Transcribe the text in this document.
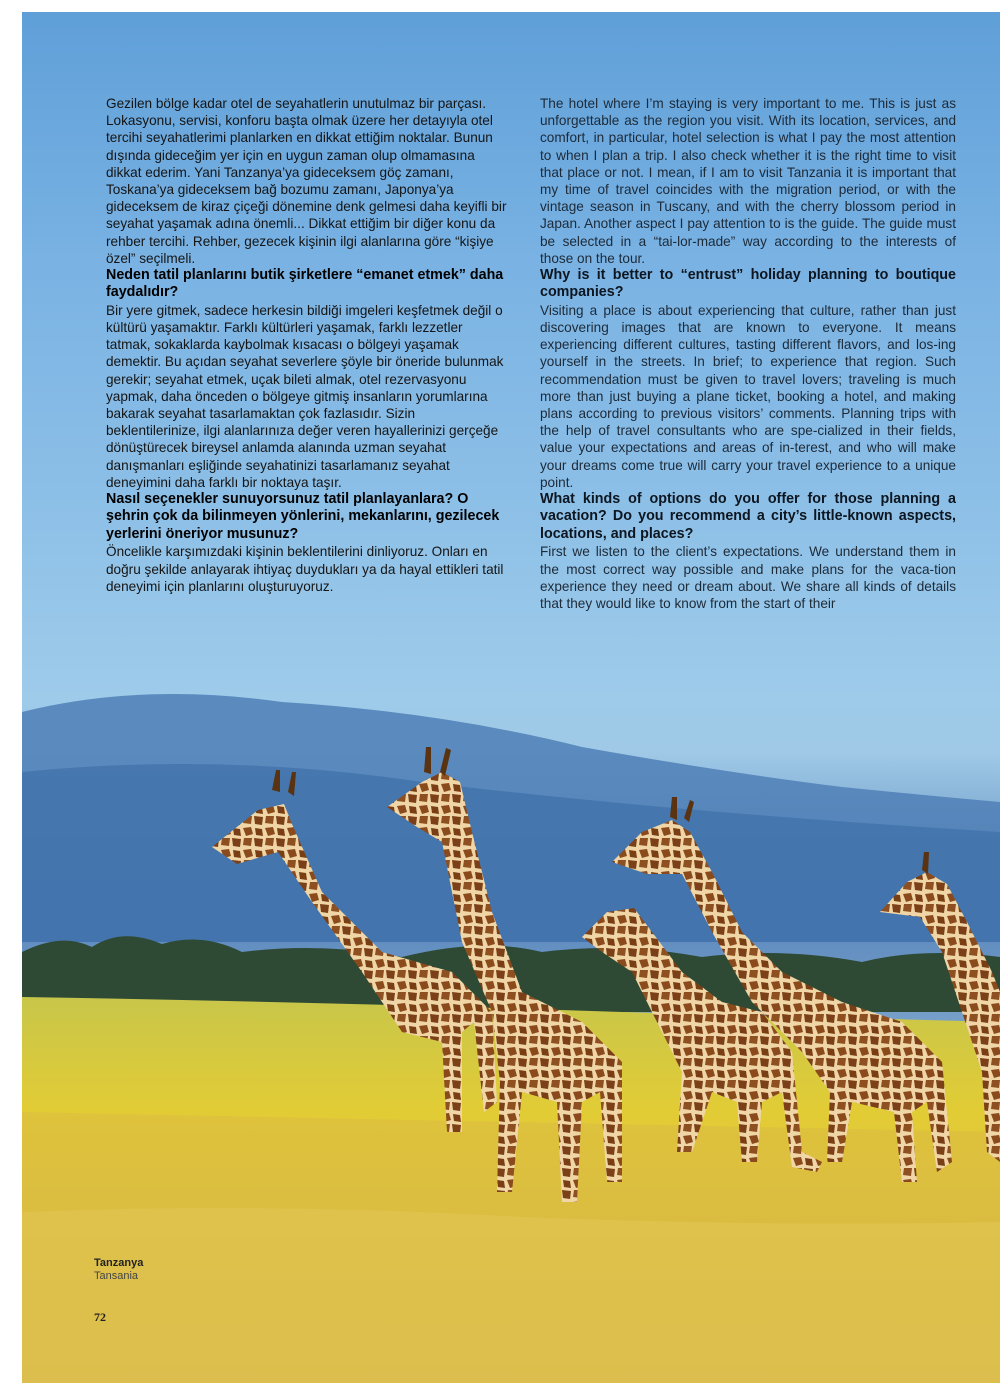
Gezilen bölge kadar otel de seyahatlerin unutulmaz bir parçası. Lokasyonu, servisi, konforu başta olmak üzere her detayıyla otel tercihi seyahatlerimi planlarken en dikkat ettiğim noktalar. Bunun dışında gideceğim yer için en uygun zaman olup olmamasına dikkat ederim. Yani Tanzanya’ya gideceksem göç zamanı, Toskana’ya gideceksem bağ bozumu zamanı, Japonya’ya gideceksem de kiraz çiçeği dönemine denk gelmesi daha keyifli bir seyahat yaşamak adına önemli... Dikkat ettiğim bir diğer konu da rehber tercihi. Rehber, gezecek kişinin ilgi alanlarına göre “kişiye özel” seçilmeli.

Neden tatil planlarını butik şirketlere “emanet etmek” daha faydalıdır?

Bir yere gitmek, sadece herkesin bildiği imgeleri keşfetmek değil o kültürü yaşamaktır. Farklı kültürleri yaşamak, farklı lezzetler tatmak, sokaklarda kaybolmak kısacası o bölgeyi yaşamak demektir. Bu açıdan seyahat severlere şöyle bir öneride bulunmak gerekir; seyahat etmek, uçak bileti almak, otel rezervasyonu yapmak, daha önceden o bölgeye gitmiş insanların yorumlarına bakarak seyahat tasarlamaktan çok fazlasıdır. Sizin beklentilerinize, ilgi alanlarınıza değer veren hayallerinizi gerçeğe dönüştürecek bireysel anlamda alanında uzman seyahat danışmanları eşliğinde seyahatinizi tasarlamanız seyahat deneyimini daha farklı bir noktaya taşır.

Nasıl seçenekler sunuyorsunuz tatil planlayanlara? O şehrin çok da bilinmeyen yönlerini, mekanlarını, gezilecek yerlerini öneriyor musunuz?

Öncelikle karşımızdaki kişinin beklentilerini dinliyoruz. Onları en doğru şekilde anlayarak ihtiyaç duydukları ya da hayal ettikleri tatil deneyimi için planlarını oluşturuyoruz.

The hotel where I’m staying is very important to me. This is just as unforgettable as the region you visit. With its location, services, and comfort, in particular, hotel selection is what I pay the most attention to when I plan a trip. I also check whether it is the right time to visit that place or not. I mean, if I am to visit Tanzania it is important that my time of travel coincides with the migration period, or with the vintage season in Tuscany, and with the cherry blossom period in Japan. Another aspect I pay attention to is the guide. The guide must be selected in a “tai-lor-made” way according to the interests of those on the tour.

Why is it better to “entrust” holiday planning to boutique companies?

Visiting a place is about experiencing that culture, rather than just discovering images that are known to everyone. It means experiencing different cultures, tasting different flavors, and los-ing yourself in the streets. In brief; to experience that region. Such recommendation must be given to travel lovers; traveling is much more than just buying a plane ticket, booking a hotel, and making plans according to previous visitors’ comments. Planning trips with the help of travel consultants who are spe-cialized in their fields, value your expectations and areas of in-terest, and who will make your dreams come true will carry your travel experience to a unique point.

What kinds of options do you offer for those planning a vacation? Do you recommend a city’s little-known aspects, locations, and places?

First we listen to the client’s expectations. We understand them in the most correct way possible and make plans for the vaca-tion experience they need or dream about. We share all kinds of details that they would like to know from the start of their

Tanzanya
Tansania
72
